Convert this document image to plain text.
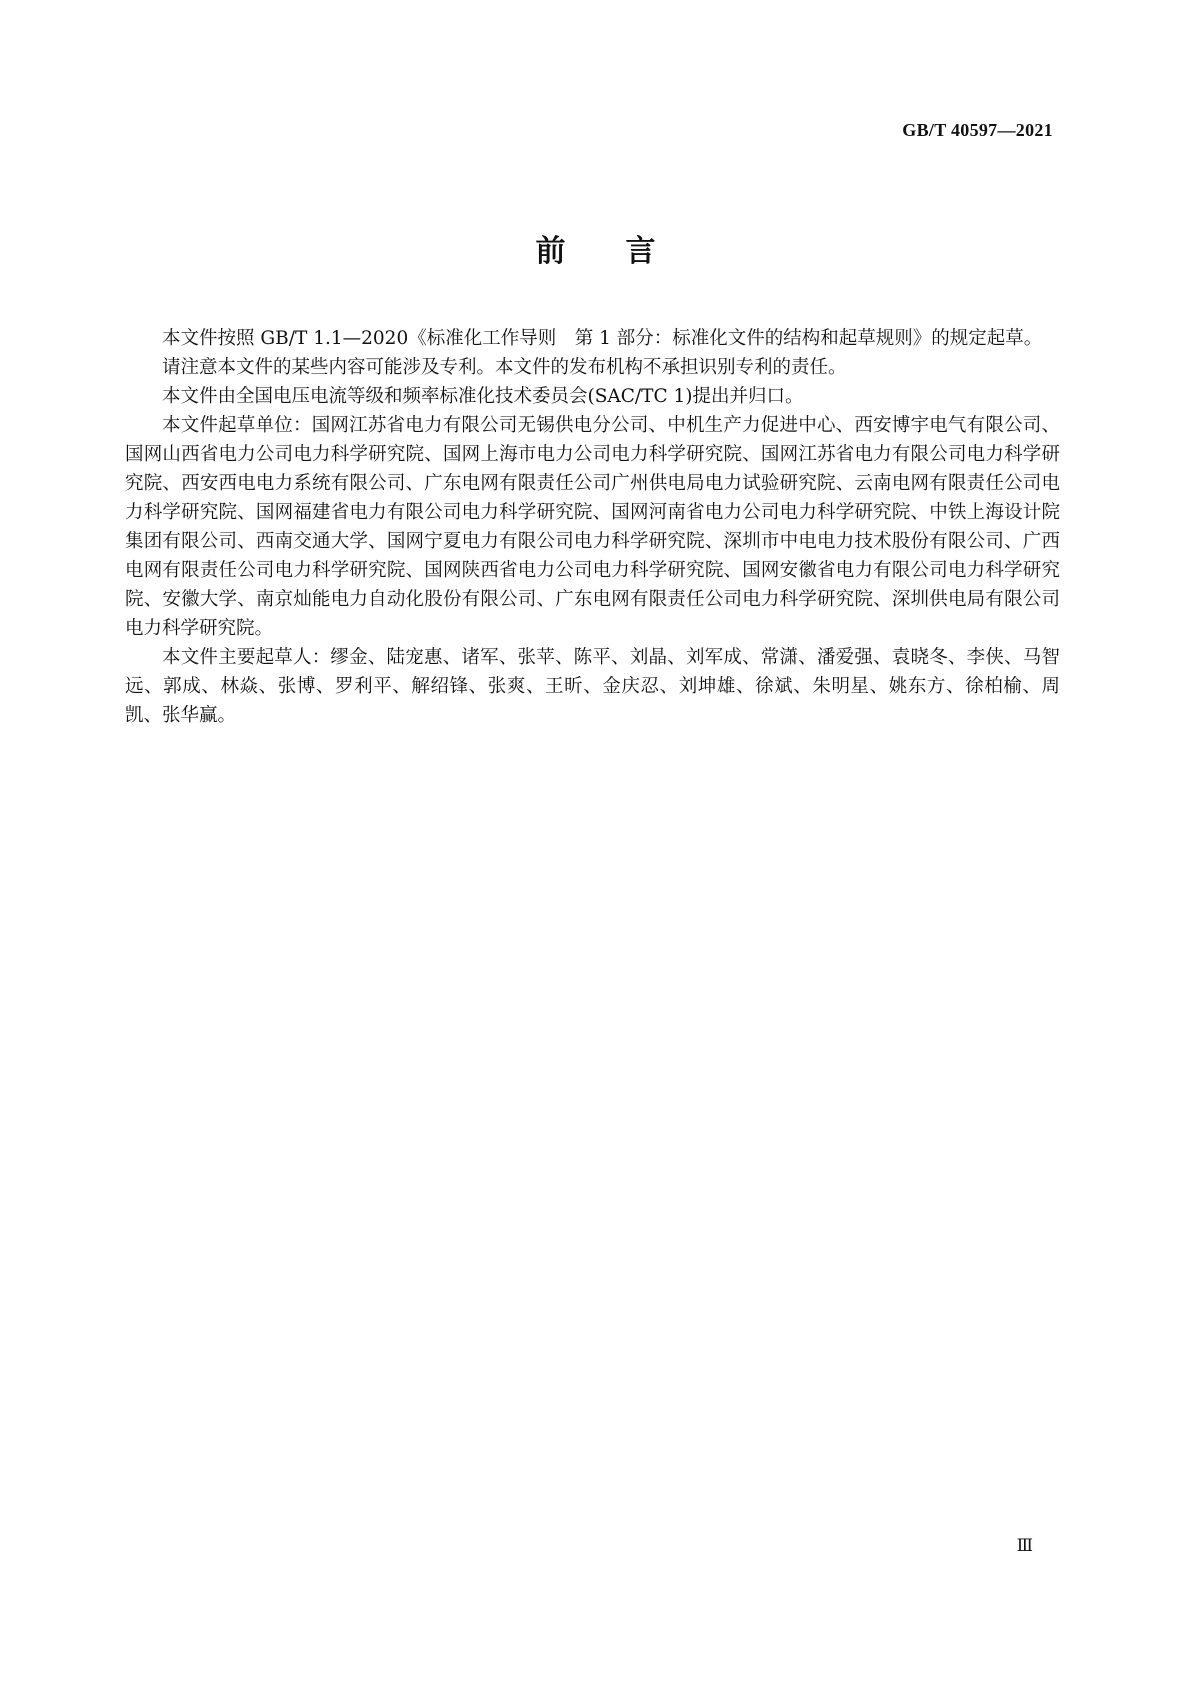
GB/T 40597—2021
前 言

本文件按照 GB/T 1.1—2020《标准化工作导则　第 1 部分：标准化文件的结构和起草规则》的规定起草。

请注意本文件的某些内容可能涉及专利。本文件的发布机构不承担识别专利的责任。

本文件由全国电压电流等级和频率标准化技术委员会(SAC/TC 1)提出并归口。

本文件起草单位：国网江苏省电力有限公司无锡供电分公司、中机生产力促进中心、西安博宇电气有限公司、国网山西省电力公司电力科学研究院、国网上海市电力公司电力科学研究院、国网江苏省电力有限公司电力科学研究院、西安西电电力系统有限公司、广东电网有限责任公司广州供电局电力试验研究院、云南电网有限责任公司电力科学研究院、国网福建省电力有限公司电力科学研究院、国网河南省电力公司电力科学研究院、中铁上海设计院集团有限公司、西南交通大学、国网宁夏电力有限公司电力科学研究院、深圳市中电电力技术股份有限公司、广西电网有限责任公司电力科学研究院、国网陕西省电力公司电力科学研究院、国网安徽省电力有限公司电力科学研究院、安徽大学、南京灿能电力自动化股份有限公司、广东电网有限责任公司电力科学研究院、深圳供电局有限公司电力科学研究院。

本文件主要起草人：缪金、陆宠惠、诸军、张苹、陈平、刘晶、刘军成、常潇、潘爱强、袁晓冬、李侠、马智远、郭成、林焱、张博、罗利平、解绍锋、张爽、王昕、金庆忍、刘坤雄、徐斌、朱明星、姚东方、徐柏榆、周凯、张华赢。

Ⅲ
